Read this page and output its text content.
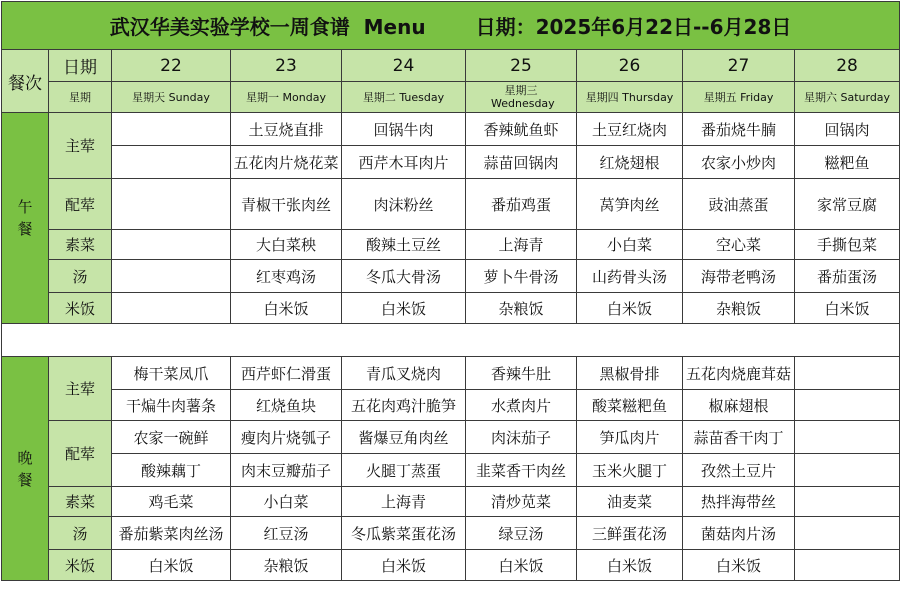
武汉华美实验学校一周食谱 Menu 日期：2025年6月22日--6月28日								
餐次	日期	22	23	24	25	26	27	28
	星期	星期天 Sunday	星期一 Monday	星期二 Tuesday	星期三 Wednesday	星期四 Thursday	星期五 Friday	星期六 Saturday
午餐	主荤		土豆烧直排	回锅牛肉	香辣鱿鱼虾	土豆红烧肉	番茄烧牛腩	回锅肉
			五花肉片烧花菜	西芹木耳肉片	蒜苗回锅肉	红烧翅根	农家小炒肉	糍粑鱼
	配荤		青椒干张肉丝	肉沫粉丝	番茄鸡蛋	莴笋肉丝	豉油蒸蛋	家常豆腐
	素菜		大白菜秧	酸辣土豆丝	上海青	小白菜	空心菜	手撕包菜
	汤		红枣鸡汤	冬瓜大骨汤	萝卜牛骨汤	山药骨头汤	海带老鸭汤	番茄蛋汤
	米饭		白米饭	白米饭	杂粮饭	白米饭	杂粮饭	白米饭

晚餐	主荤	梅干菜凤爪	西芹虾仁滑蛋	青瓜叉烧肉	香辣牛肚	黑椒骨排	五花肉烧鹿茸菇	
		干煸牛肉薯条	红烧鱼块	五花肉鸡汁脆笋	水煮肉片	酸菜糍粑鱼	椒麻翅根	
	配荤	农家一碗鲜	瘦肉片烧瓠子	酱爆豆角肉丝	肉沫茄子	笋瓜肉片	蒜苗香干肉丁	
		酸辣藕丁	肉末豆瓣茄子	火腿丁蒸蛋	韭菜香干肉丝	玉米火腿丁	孜然土豆片	
	素菜	鸡毛菜	小白菜	上海青	清炒苋菜	油麦菜	热拌海带丝	
	汤	番茄紫菜肉丝汤	红豆汤	冬瓜紫菜蛋花汤	绿豆汤	三鲜蛋花汤	菌菇肉片汤	
	米饭	白米饭	杂粮饭	白米饭	白米饭	白米饭	白米饭	
